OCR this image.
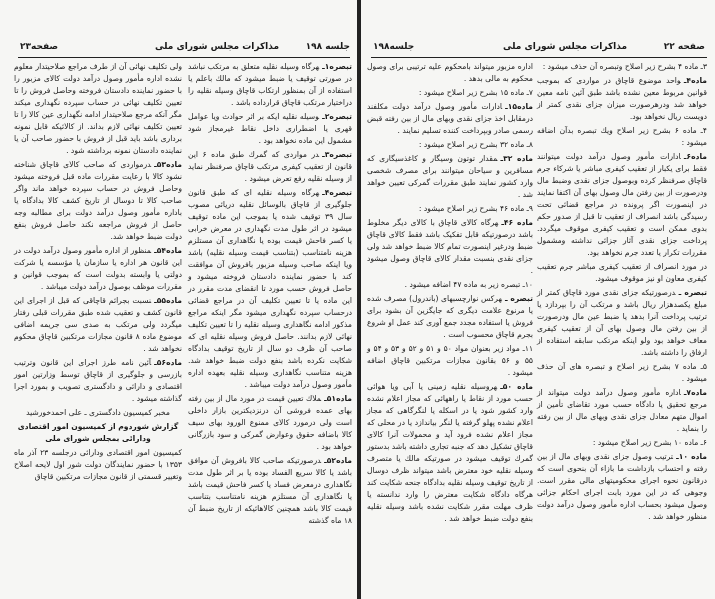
صفحه۲۳	مذاکرات مجلس شورای ملی	جلسه ۱۹۸

تبصره۱ـهرگاه وسیله نقلیه متعلق به مرتکب نباشد در صورتی توقیف یا ضبط میشود که مالك باعلم یا استفاده از آن بمنظور ارتکاب قاچاق وسیله نقلیه را دراختیار مرتکب قاچاق قرارداده باشد .

تبصره۲ـوسیله نقلیه ایکه بر اثر حوادث ویا عوامل قهری یا اضطراری داخل نقاط غیرمجاز شود مشمول این ماده نخواهد بود .

تبصره۳ـدر مواردی که گمرك طبق ماده ۶ این قانون از تعقیب کیفری مرتکب قاچاق صرفنظر نماید از وسیله نقلیه رفع تعرض میشود .

تبصره۴ـهرگاه وسیله نقلیه ای که طبق قانون جلوگیری از قاچاق بالوسائل نقلیه دریائی مصوب سال ۳۹ توقیف شده یا بموجب این ماده توقیف میشود در اثر طول مدت نگهداری در معرض خرابی یا کسر فاحش قیمت بوده یا نگاهداری آن مستلزم هزینه نامتناسب (بتناسب قیمت وسیله نقلیه) باشد ویا اینکه صاحب وسیله مزبور بافروش آن موافقت کند با حضور نماینده دادستان فروخته میشود و حاصل فروش حسب مورد تا انقضای مدت مقرر در این ماده یا تا تعیین تکلیف آن در مراجع قضائی درحساب سپرده نگهداری میشود مگر اینکه مراجع مذکور ادامه نگاهداری وسیله نقلیه را تا تعیین تکلیف نهائی لازم بدانند. حاصل فروش وسیله نقلیه ای که صاحب آن ظرف دو سال از تاریخ توقیف بدادگاه شکایت نکرده باشد بنفع دولت ضبط خواهد شد. هزینه متناسب نگاهداری وسیله نقلیه بعهده اداره مأمور وصول درآمد دولت میباشد .

ماده۵۱ـملاك تعیین قیمت در مورد مال از بین رفته بهای عمده فروشی آن درنزدیکترین بازار داخلی است ولی درمورد کالای ممنوع الورود بهای سیف کالا باضافه حقوق وعوارض گمرکی و سود بازرگانی خواهد بود .

ماده۵۲ـدرصورتیکه صاحب کالا بافروش آن موافق باشد یا کالا سریع الفساد بوده یا بر اثر طول مدت نگاهداری درمعرض فساد یا کسر فاحش قیمت باشد یا نگاهداری آن مستلزم هزینه نامتناسب بتناسب قیمت کالا باشد همچنین کالاهائیکه از تاریخ ضبط آن ۱۸ ماه گذشته

ولی تکلیف نهائی آن از طرف مراجع صلاحیتدار معلوم نشده اداره مأمور وصول درآمد دولت کالای مزبور را با حضور نماینده دادستان فروخته وحاصل فروش را تا تعیین تکلیف نهائی در حساب سپرده نگهداری میکند مگر آنکه مرجع صلاحیتدار ادامه نگهداری عین کالا را تا تعیین تکلیف نهائی لازم بداند. از کالائیکه قابل نمونه برداری باشد باید قبل از فروش با حضور صاحب آن یا نماینده دادستان نمونه برداشته شود .

ماده۵۳ـدرمواردی که صاحب کالای قاچاق شناخته نشود کالا با رعایت مقررات ماده قبل فروخته میشود وحاصل فروش در حساب سپرده خواهد ماند واگر صاحب کالا تا دوسال از تاریخ کشف کالا بدادگاه یا باداره مأمور وصول درآمد دولت برای مطالبه وجه حاصل از فروش مراجعه نکند حاصل فروش بنفع دولت ضبط خواهد شد.

ماده۵۴ـمنظور از اداره مأمور وصول درآمد دولت در این قانون هر اداره یا سازمان یا مؤسسه یا شرکت دولتی یا وابسته بدولت است که بموجب قوانین و مقررات موظف بوصول درآمد دولت میباشد .

ماده۵۵ـنسبت بجرائم قاچاقی که قبل از اجرای این قانون کشف و تعقیب شده طبق مقررات قبلی رفتار میگردد ولی مرتکب به صدی سی جریمه اضافی موضوع ماده ۸ قانون مجازات مرتکبین قاچاق محکوم نخواهد شد .

ماده۵۶ـآئین نامه طرز اجرای این قانون وترتیب بازرسی و جلوگیری از قاچاق توسط وزارتین امور اقتصادی و دارائی و دادگستری تصویب و بمورد اجرا گذاشته میشود .

مخبر کمیسیون دادگستری ـ علی احمدخورشید

گزارش شوردوم از کمیسیون امور اقتصادی ودارائی بمجلس شورای ملی

کمیسیون امور اقتصادی ودارائی درجلسه ۲۳ آذر ماه ۱۳۵۳ با حضور نمایندگان دولت شور اول لایحه اصلاح وتغییر قسمتی از قانون مجازات مرتکبین قاچاق

جلسه۱۹۸	مذاکرات مجلس شورای ملی	صفحه ۲۲

۳ـ ماده ۴ بشرح زیر اصلاح وتبصره آن حذف میشود :

ماده۴ـواحد موضوع قاچاق در مواردی که بموجب قوانین مربوط معین نشده باشد طبق آئین نامه معین خواهد شد ودرهرصورت میزان جزای نقدی کمتر از دویست ریال نخواهد بود.

۴ـ ماده ۶ بشرح زیر اصلاح ویك تبصره بدآن اضافه میشود :

ماده۶ـادارات مأمور وصول درآمد دولت میتوانند فقط برای یکبار از تعقیب کیفری مباشر یا شرکاء جرم قاچاق صرفنظر کرده وبوصول جزای نقدی وضبط مال ودرصورت از بین رفتن مال وصول بهای آن اکتفا نمایند در اینصورت اگر پرونده در مراجع قضائی تحت رسیدگی باشد انصراف از تعقیب تا قبل از صدور حکم بدوی ممکن است و تعقیب کیفری موقوف میگردد. پرداخت جزای نقدی آثار جزائی نداشته ومشمول مقررات تکرار یا تعدد جرم نخواهد بود.

در مورد انصراف از تعقیب کیفری مباشر جرم تعقیب کیفری معاون او نیز موقوف میشود.

تبصره ـدرصورتیکه جزای نقدی مورد قاچاق کمتر از مبلغ یکصدهزار ریال باشد و مرتکب آن را بپردازد یا ترتیب پرداخت آنرا بدهد یا ضبط عین مال ودرصورت از بین رفتن مال وصول بهای آن از تعقیب کیفری معاف خواهد بود ولو اینکه مرتکب سابقه استفاده از ارفاق را داشته باشد.

۵ـ ماده ۷ بشرح زیر اصلاح و تبصره های آن حذف میشود .

ماده۷ـاداره مأمور وصول درآمد دولت میتواند از مرجع تحقیق یا دادگاه حسب مورد تقاضای تأمین از اموال متهم معادل جزای نقدی وبهای مال از بین رفته را بنماید .

۶ـ ماده ۱۰ بشرح زیر اصلاح میشود :

ماده ۱۰ـترتیب وصول جزای نقدی وبهای مال از بین رفته و احتساب بازداشت ما بازاء آن بنحوی است که درقانون نحوه اجرای محکومیتهای مالی مقرر است. وجوهی که در این مورد بابت اجرای احکام جزائی وصول میشود بحساب اداره مأمور وصول درآمد دولت منظور خواهد شد .

اداره مزبور میتواند بامحکوم علیه ترتیبی برای وصول محکوم به مالی بدهد .

۷ـ ماده ۱۵ بشرح زیر اصلاح میشود :

ماده۱۵ـادارات مأمور وصول درآمد دولت مکلفند درمقابل اخذ جزای نقدی وبهای مال از بین رفته قبض رسمی صادر وبپرداخت کننده تسلیم نمایند .

۸ـ ماده ۳۲ بشرح زیر اصلاح میشود :

ماده ۳۲ـمقدار توتون وسیگار و کاغذسیگاری که مسافرین و سیاحان میتوانند برای مصرف شخصی وارد کشور نمایند طبق مقررات گمرکی تعیین خواهد شد .

۹ـ ماده ۴۶ بشرح زیر اصلاح میشود :

ماده ۴۶ـهرگاه کالای قاچاق با کالای دیگر مخلوط باشد درصورتیکه قابل تفکیک باشد فقط کالای قاچاق ضبط ودرغیر اینصورت تمام کالا ضبط خواهد شد ولی جزای نقدی بنسبت مقدار کالای قاچاق وصول میشود .

۱۰ـ تبصره زیر به ماده ۴۷ اضافه میشود .

تبصره ـهرکس نوارچسبهای (باندرول) مصرف شده یا مرنوع علامت دیگری که جایگزین آن بشود برای فروش یا استفاده مجدد جمع آوری کند عمل او شروع بجرم قاچاق محسوب است .

۱۱ـ مواد زیر بعنوان مواد ۵۰ و ۵۱ و ۵۲ و ۵۳ و ۵۴ و ۵۵ و ۵۶ بقانون مجازات مرتکبین قاچاق اضافه میشود .

ماده ۵۰ـهروسیله نقلیه زمینی یا آبی ویا هوائی حسب مورد از نقاط یا راههائی که مجاز اعلام نشده وارد کشور شود یا در اسکله یا لنگرگاهی که مجاز اعلام نشده پهلو گرفته یا لنگر بیاندازد یا در محلی که مجاز اعلام نشده فرود آید و محمولات آنرا کالای قاچاق تشکیل دهد که جنبه تجاری داشته باشد بدستور گمرك توقیف میشود در صورتیکه مالك یا متصرف وسیله نقلیه خود معترض باشد میتواند ظرف دوسال از تاریخ توقیف وسیله نقلیه بدادگاه جنحه شکایت کند هرگاه دادگاه شکایت معترض را وارد ندانسته یا ظرف مهلت مقرر شکایت نشده باشد وسیله نقلیه بنفع دولت ضبط خواهد شد .
